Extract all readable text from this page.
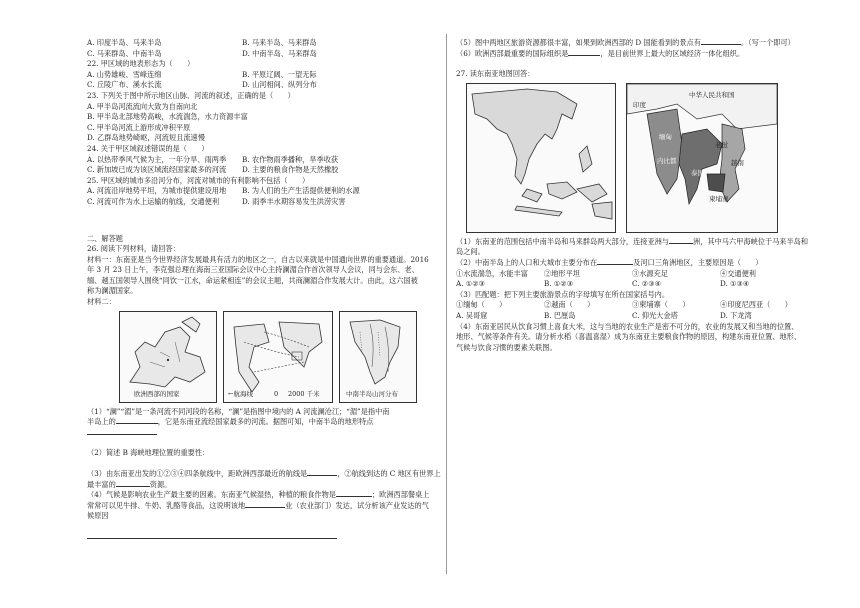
A. 印度半岛、马来半岛	B. 马来半岛、马来群岛
C. 马来群岛、中南半岛	D. 中南半岛、马来群岛
22. 甲区域的地表形态为（　　）
A. 山势雄峻、雪峰连绵	B. 平原辽阔、一望无际
C. 丘陵广布、溪水长流	D. 山河相间、纵列分布
23. 下列关于图中所示地区山脉、河流的叙述，正确的是（　　）
A. 甲半岛河流流向大致为自南向北
B. 甲半岛北部地势高峻，水流湍急，水力资源丰富
C. 甲半岛河流上游形成冲积平原
D. 乙群岛地势崎岖，河流短且流速慢
24. 关于甲区域叙述错误的是（　　）
A. 以热带季风气候为主，一年分旱、雨两季	B. 农作物雨季播种，旱季收获
C. 新加坡已成为该区域流经国家最多的河流	D. 主要的粮食作物是天然橡胶
25. 甲区域的城市多沿河分布，河流对城市的有利影响不包括（　　）
A. 河流沿岸地势平坦，为城市提供建设用地	B. 为人们的生产生活提供便利的水源
C. 河流可作为水上运输的航线，交通便利	D. 雨季丰水期容易发生洪涝灾害
二、解答题
26. 阅读下列材料，请回答：
材料一：东南亚是当今世界经济发展最具有活力的地区之一，自古以来就是中国通向世界的重要通道。2016
年 3 月 23 日上午，李克强总理在海南三亚国际会议中心主持澜湄合作首次领导人会议，同与会东、老、
缅、越五国领导人围绕“同饮一江水，命运紧相连”的会议主题，共商澜湄合作发展大计。由此，这六国被
称为澜湄国家。
材料二：
欧洲西部的国家	←航海线	0 2000 千米	中南半岛山河分布
（1）“澜”“湄”是一条河流不同河段的名称，“澜”是指图中境内的 A 河流澜沧江；“湄”是指中南
半岛上的	，它是东南亚流经国家最多的河流。据图可知，中南半岛的地形特点
（2）简述 B 海峡地理位置的重要性：
（3）由东南亚出发的①②③④四条航线中，距欧洲西部最近的航线是	，②航线到达的 C 地区有世界上
最丰富的	资源。
（4）气候是影响农业生产最主要的因素。东南亚气候湿热，种植的粮食作物是	；欧洲西部餐桌上
常常可以见牛排、牛奶、乳酪等食品，这说明该地	业（农业部门）发达，试分析该产业发达的气
候原因
（5）图中两地区旅游资源都很丰富，如果到欧洲西部的 D 国能看到的景点有	。（写一个即可）
（6）欧洲西部最重要的国际组织是	，是目前世界上最大的区域经济一体化组织。
27. 读东南亚地图回答：
印度
中华人民共和国
缅甸
老挝
泰国
越南
柬埔寨
内比都
（1）东南亚的范围包括中南半岛和马来群岛两大部分，连接亚洲与	洲，其中马六甲海峡位于马来半岛和
岛之间。
（2）中南半岛上的人口和大城市主要分布在	及河口三角洲地区，主要原因是（　　）
①水流湍急，水能丰富	②地形平坦	③水源充足	④交通便利
A. ①②③	B. ①②③	C. ②③④	D. ①③④
（3）匹配题：把下列主要旅游景点的字母填写在所在国家括号内。
①缅甸（　　）	②越南（　　）	③柬埔寨（　　）	④印度尼西亚（　　）
A. 吴哥窟	B. 巴厘岛	C. 仰光大金塔	D. 下龙湾
（4）东南亚居民从饮食习惯上喜食大米，这与当地的农业生产是密不可分的，农业的发展又和当地的位置、
地形、气候等条件有关。请分析水稻（喜温喜湿）成为东南亚主要粮食作物的原因，构建东南亚位置、地形、
气候与饮食习惯的要素关联图。
